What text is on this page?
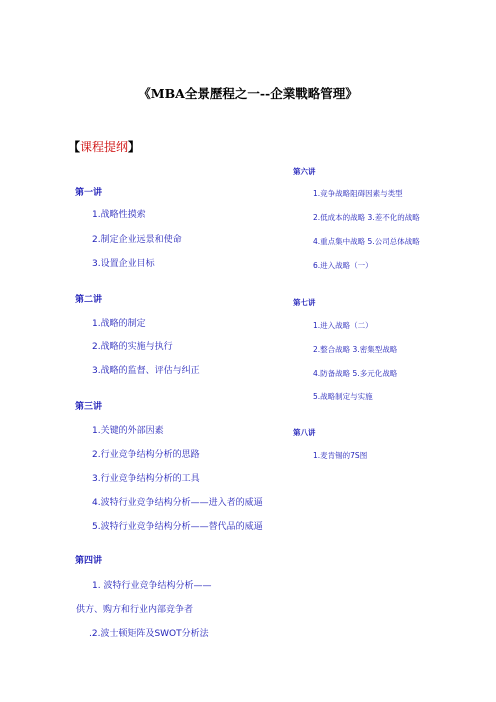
《MBA全景歷程之一--企業戰略管理》
【课程提纲】
第一讲
1.战略性摸索
2.制定企业远景和使命
3.设置企业目标
第二讲
1.战略的制定
2.战略的实施与执行
3.战略的监督、评估与纠正
第三讲
1.关键的外部因素
2.行业竞争结构分析的思路
3.行业竞争结构分析的工具
4.波特行业竞争结构分析——进入者的威逼
5.波特行业竞争结构分析——替代品的威逼
第四讲
1. 波特行业竞争结构分析——
供方、购方和行业内部竞争者
.2.波士顿矩阵及SWOT分析法
第六讲
1.竞争战略阻碍因素与类型
2.低成本的战略 3.差不化的战略
4.重点集中战略 5.公司总体战略
6.进入战略（一）
第七讲
1.进入战略（二）
2.整合战略 3.密集型战略
4.防备战略 5.多元化战略
5.战略制定与实施
第八讲
1.麦肯锡的7S图
